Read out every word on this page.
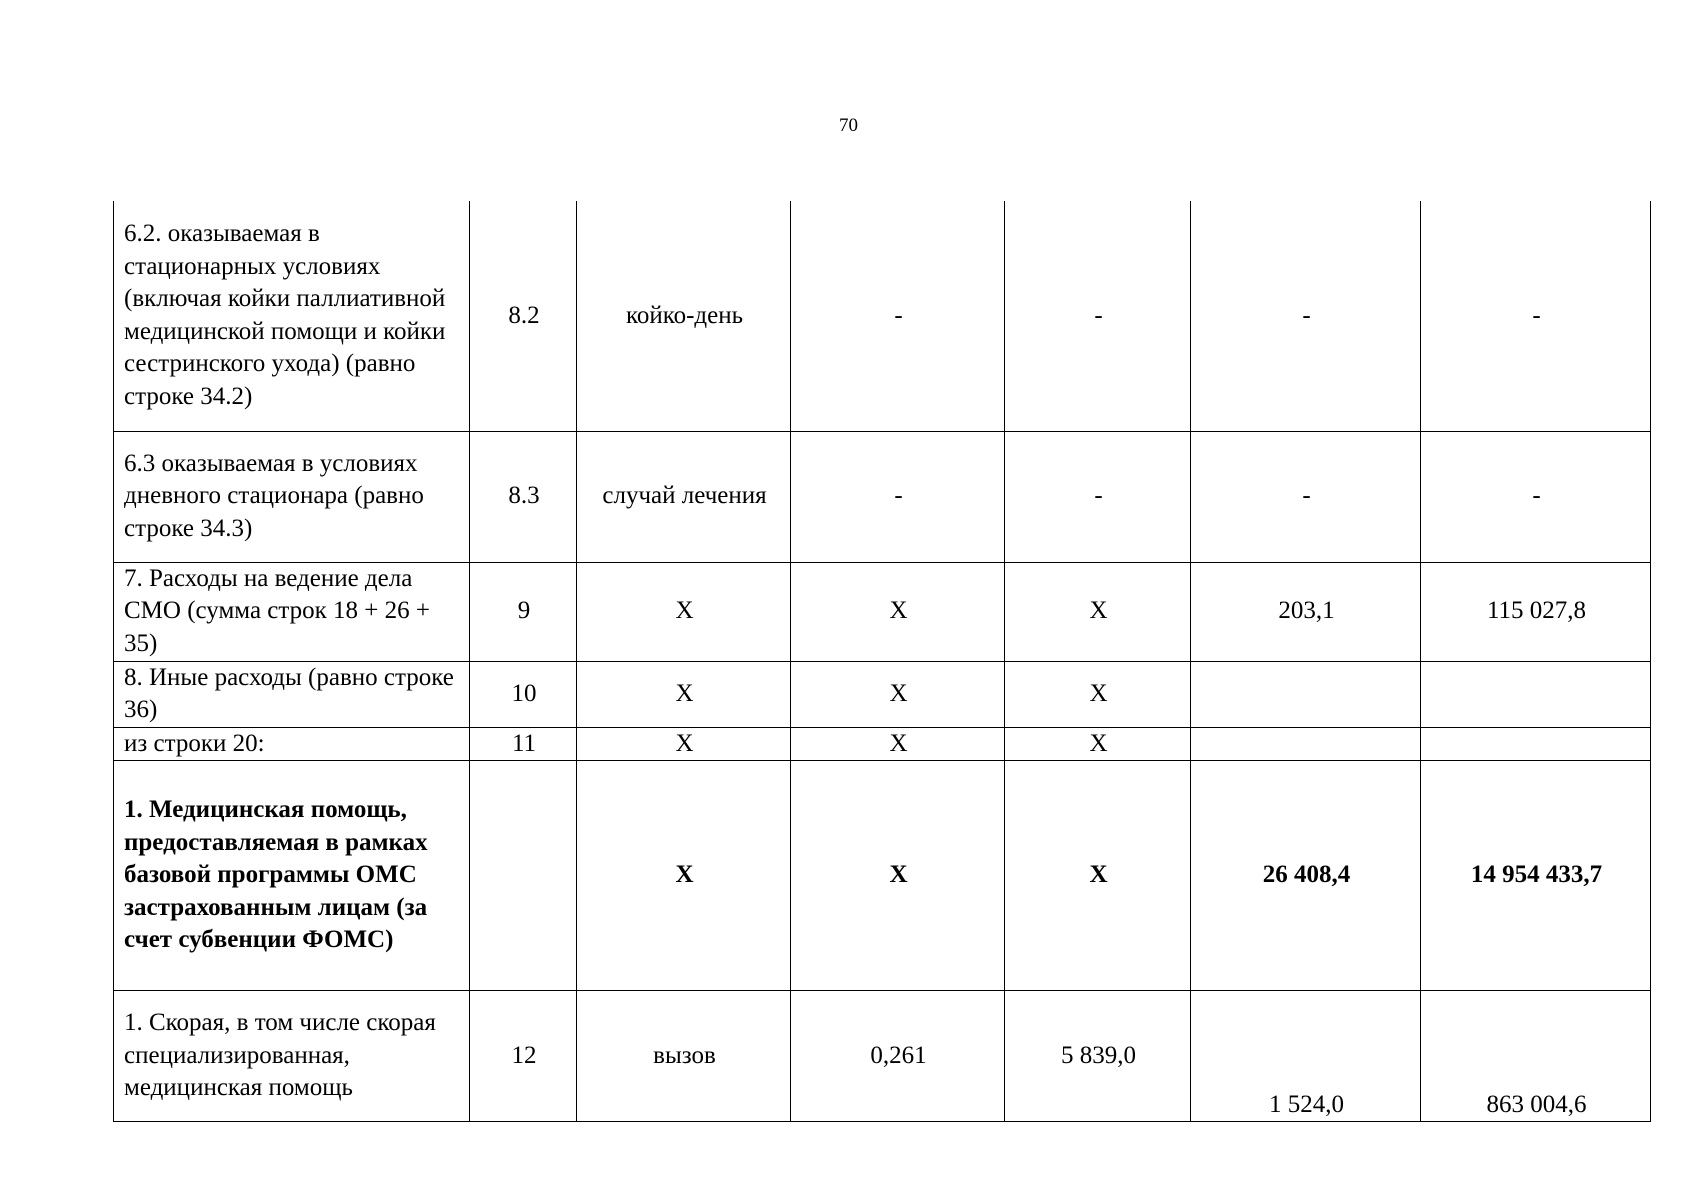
70
6.2. оказываемая в стационарных условиях (включая койки паллиативной медицинской помощи и койки сестринского ухода) (равно строке 34.2)	8.2	койко-день	-	-	-	-
6.3 оказываемая в условиях дневного стационара (равно строке 34.3)	8.3	случай лечения	-	-	-	-
7. Расходы на ведение дела СМО (сумма строк 18 + 26 + 35)	9	Х	Х	Х	203,1	115 027,8
8. Иные расходы (равно строке 36)	10	Х	Х	Х		
из строки 20:	11	Х	Х	Х		
1. Медицинская помощь, предоставляемая в рамках базовой программы ОМС застрахованным лицам (за счет субвенции ФОМС)		Х	Х	Х	26 408,4	14 954 433,7
1. Скорая, в том числе скорая специализированная, медицинская помощь	12	вызов	0,261	5 839,0	1 524,0	863 004,6
